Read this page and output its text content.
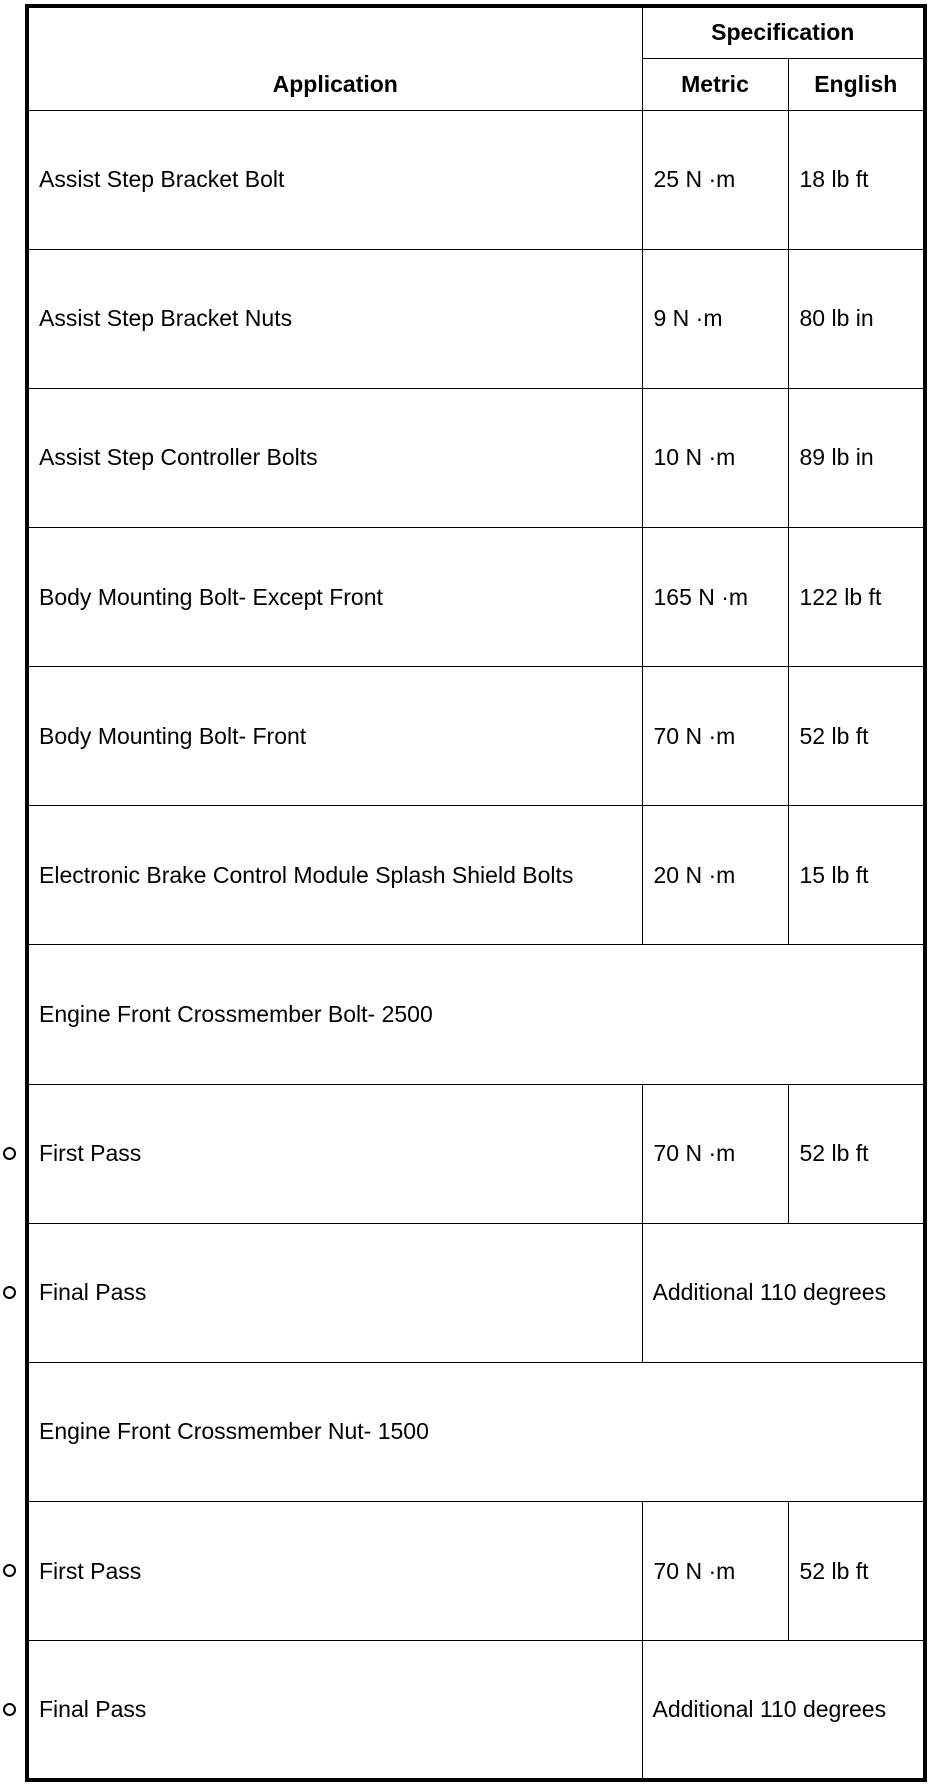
Application	Specification	
	Metric	English
Assist Step Bracket Bolt	25 N ·m	18 lb ft
Assist Step Bracket Nuts	9 N ·m	80 lb in
Assist Step Controller Bolts	10 N ·m	89 lb in
Body Mounting Bolt- Except Front	165 N ·m	122 lb ft
Body Mounting Bolt- Front	70 N ·m	52 lb ft
Electronic Brake Control Module Splash Shield Bolts	20 N ·m	15 lb ft
Engine Front Crossmember Bolt- 2500		
First Pass	70 N ·m	52 lb ft
Final Pass	Additional 110 degrees	
Engine Front Crossmember Nut- 1500		
First Pass	70 N ·m	52 lb ft
Final Pass	Additional 110 degrees	
